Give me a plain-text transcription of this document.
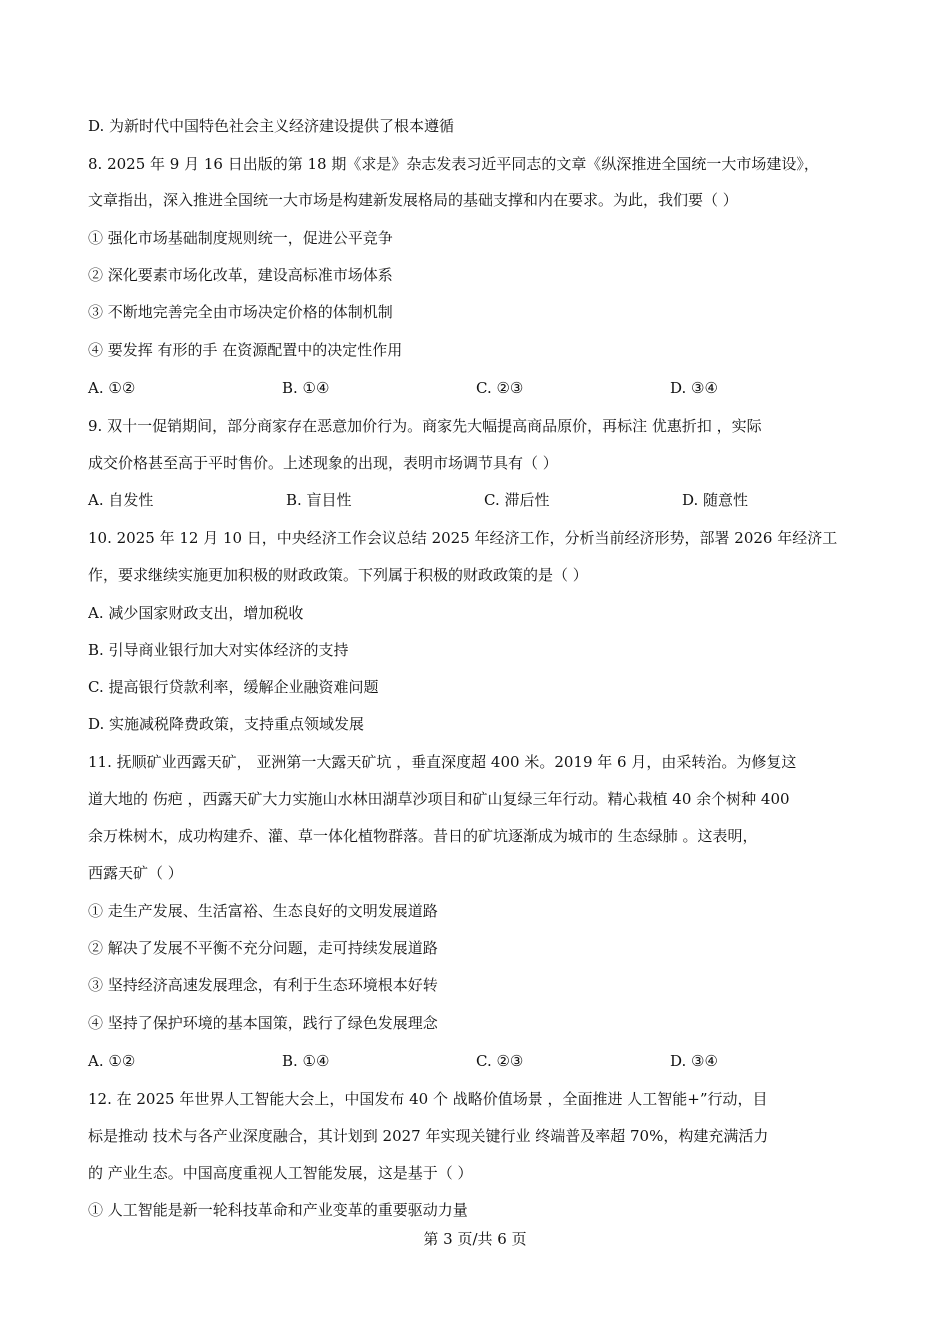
D. 为新时代中国特色社会主义经济建设提供了根本遵循
8. 2025 年 9 月 16 日出版的第 18 期《求是》杂志发表习近平同志的文章《纵深推进全国统一大市场建设》，
文章指出，深入推进全国统一大市场是构建新发展格局的基础支撑和内在要求。为此，我们要（ ）
① 强化市场基础制度规则统一，促进公平竞争
② 深化要素市场化改革，建设高标准市场体系
③ 不断地完善完全由市场决定价格的体制机制
④ 要发挥 有形的手 在资源配置中的决定性作用
A. ①②	B. ①④	C. ②③	D. ③④
9. 双十一促销期间，部分商家存在恶意加价行为。商家先大幅提高商品原价，再标注 优惠折扣 ，实际
成交价格甚至高于平时售价。上述现象的出现，表明市场调节具有（ ）
A. 自发性	B. 盲目性	C. 滞后性	D. 随意性
10. 2025 年 12 月 10 日，中央经济工作会议总结 2025 年经济工作，分析当前经济形势，部署 2026 年经济工
作，要求继续实施更加积极的财政政策。下列属于积极的财政政策的是（ ）
A. 减少国家财政支出，增加税收
B. 引导商业银行加大对实体经济的支持
C. 提高银行贷款利率，缓解企业融资难问题
D. 实施减税降费政策，支持重点领域发展
11. 抚顺矿业西露天矿， 亚洲第一大露天矿坑 ，垂直深度超 400 米。2019 年 6 月，由采转治。为修复这
道大地的 伤疤 ，西露天矿大力实施山水林田湖草沙项目和矿山复绿三年行动。精心栽植 40 余个树种 400
余万株树木，成功构建乔、灌、草一体化植物群落。昔日的矿坑逐渐成为城市的 生态绿肺 。这表明，
西露天矿（ ）
① 走生产发展、生活富裕、生态良好的文明发展道路
② 解决了发展不平衡不充分问题，走可持续发展道路
③ 坚持经济高速发展理念，有利于生态环境根本好转
④ 坚持了保护环境的基本国策，践行了绿色发展理念
A. ①②	B. ①④	C. ②③	D. ③④
12. 在 2025 年世界人工智能大会上，中国发布 40 个 战略价值场景 ，全面推进 人工智能+”行动，目
标是推动 技术与各产业深度融合，其计划到 2027 年实现关键行业 终端普及率超 70%，构建充满活力
的 产业生态。中国高度重视人工智能发展，这是基于（ ）
① 人工智能是新一轮科技革命和产业变革的重要驱动力量
第 3 页/共 6 页
